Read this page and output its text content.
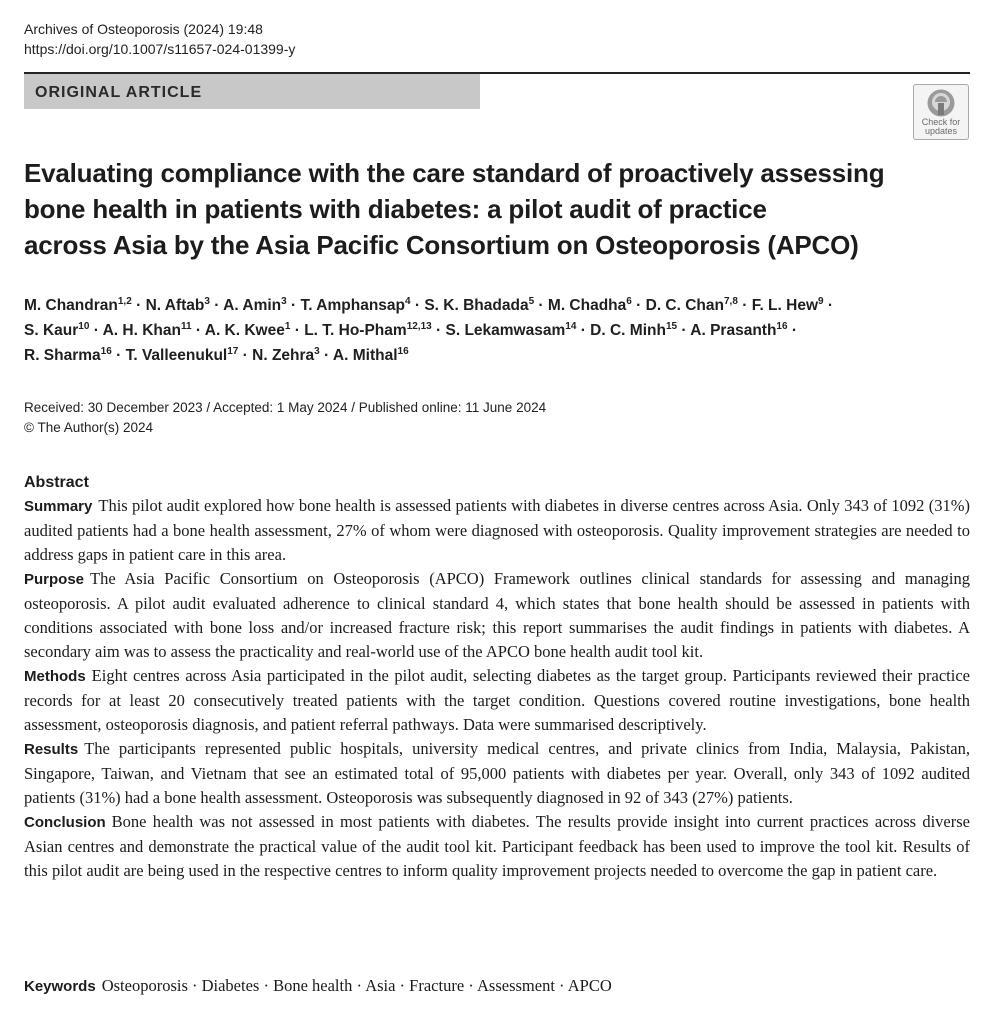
Archives of Osteoporosis (2024) 19:48
https://doi.org/10.1007/s11657-024-01399-y
ORIGINAL ARTICLE
Check for
updates
Evaluating compliance with the care standard of proactively assessing
bone health in patients with diabetes: a pilot audit of practice
across Asia by the Asia Pacific Consortium on Osteoporosis (APCO)
M. Chandran$^{1,2}$ · N. Aftab$^3$ · A. Amin$^3$ · T. Amphansap$^4$ · S. K. Bhadada$^5$ · M. Chadha$^6$ · D. C. Chan$^{7,8}$ · F. L. Hew$^9$ ·
S. Kaur$^{10}$ · A. H. Khan$^{11}$ · A. K. Kwee$^1$ · L. T. Ho-Pham$^{12,13}$ · S. Lekamwasam$^{14}$ · D. C. Minh$^{15}$ · A. Prasanth$^{16}$ ·
R. Sharma$^{16}$ · T. Valleenukul$^{17}$ · N. Zehra$^3$ · A. Mithal$^{16}$
Received: 30 December 2023 / Accepted: 1 May 2024 / Published online: 11 June 2024
© The Author(s) 2024
Abstract
Summary This pilot audit explored how bone health is assessed patients with diabetes in diverse centres across Asia. Only 343 of 1092 (31%) audited patients had a bone health assessment, 27% of whom were diagnosed with osteoporosis. Quality improvement strategies are needed to address gaps in patient care in this area.
Purpose The Asia Pacific Consortium on Osteoporosis (APCO) Framework outlines clinical standards for assessing and managing osteoporosis. A pilot audit evaluated adherence to clinical standard 4, which states that bone health should be assessed in patients with conditions associated with bone loss and/or increased fracture risk; this report summarises the audit findings in patients with diabetes. A secondary aim was to assess the practicality and real-world use of the APCO bone health audit tool kit.
Methods Eight centres across Asia participated in the pilot audit, selecting diabetes as the target group. Participants reviewed their practice records for at least 20 consecutively treated patients with the target condition. Questions covered routine investigations, bone health assessment, osteoporosis diagnosis, and patient referral pathways. Data were summarised descriptively.
Results The participants represented public hospitals, university medical centres, and private clinics from India, Malaysia, Pakistan, Singapore, Taiwan, and Vietnam that see an estimated total of 95,000 patients with diabetes per year. Overall, only 343 of 1092 audited patients (31%) had a bone health assessment. Osteoporosis was subsequently diagnosed in 92 of 343 (27%) patients.
Conclusion Bone health was not assessed in most patients with diabetes. The results provide insight into current practices across diverse Asian centres and demonstrate the practical value of the audit tool kit. Participant feedback has been used to improve the tool kit. Results of this pilot audit are being used in the respective centres to inform quality improvement projects needed to overcome the gap in patient care.
Keywords Osteoporosis · Diabetes · Bone health · Asia · Fracture · Assessment · APCO
